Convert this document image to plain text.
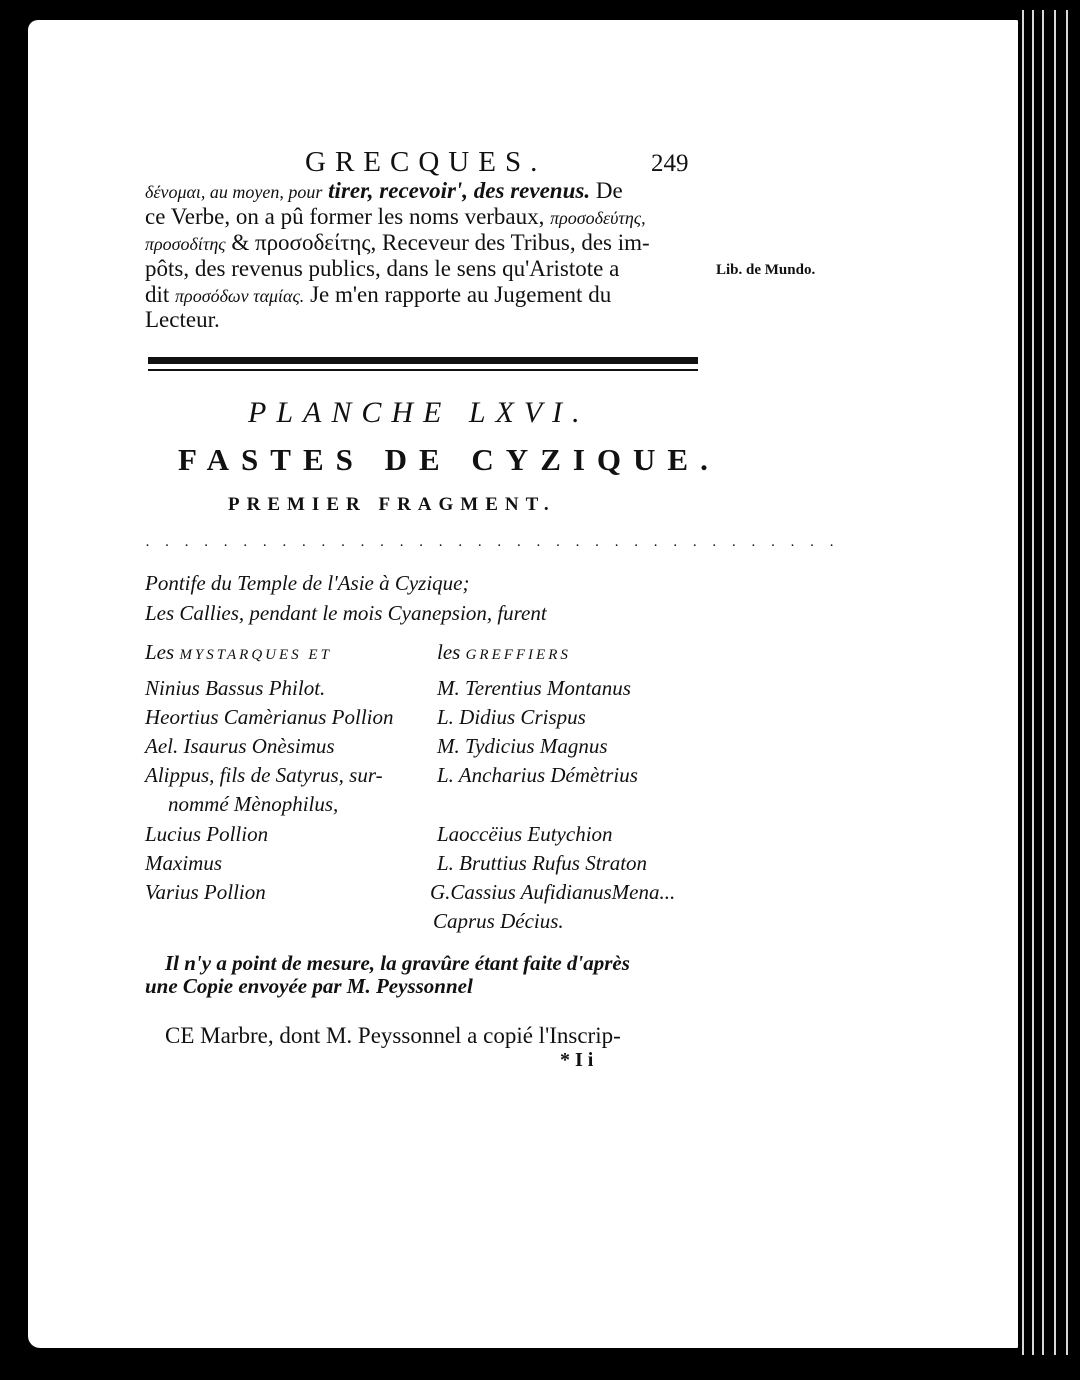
GRECQUES.	249
δένομαι, au moyen, pour tirer, recevoir', des revenus. De
ce Verbe, on a pû former les noms verbaux, προσοδεύτης,
προσοδίτης & προσοδείτης, Receveur des Tribus, des im-
pôts, des revenus publics, dans le sens qu'Aristote a
dit προσόδων ταμίας. Je m'en rapporte au Jugement du
Lecteur.
Lib. de Mundo.
PLANCHE LXVI.
FASTES DE CYZIQUE.
PREMIER FRAGMENT.
· · · · · · · · · · · · · · · · · · · · · · · · · · · · · · · · · · · ·
Pontife du Temple de l'Asie à Cyzique;
Les Callies, pendant le mois Cyanepsion, furent
Les MYSTARQUES ET	les GREFFIERS
Ninius Bassus Philot.
Heortius Camèrianus Pollion
Ael. Isaurus Onèsimus
Alippus, fils de Satyrus, sur-
nommé Mènophilus,
Lucius Pollion
Maximus
Varius Pollion
M. Terentius Montanus
L. Didius Crispus
M. Tydicius Magnus
L. Ancharius Démètrius
Laoccëius Eutychion
L. Bruttius Rufus Straton
G.Cassius AufidianusMena...
Caprus Décius.
Il n'y a point de mesure, la gravûre étant faite d'après
une Copie envoyée par M. Peyssonnel
CE Marbre, dont M. Peyssonnel a copié l'Inscrip-
* I i
